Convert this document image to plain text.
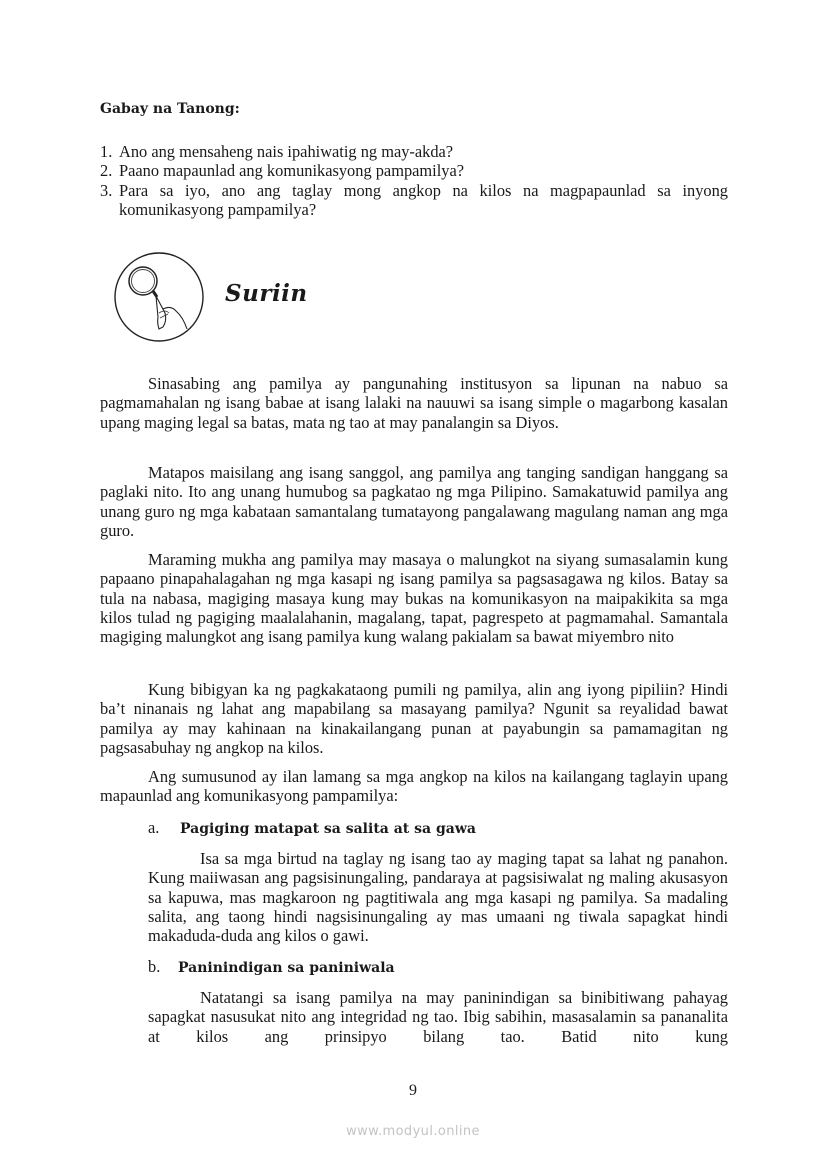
Gabay na Tanong:
1. Ano ang mensaheng nais ipahiwatig ng may-akda?
2. Paano mapaunlad ang komunikasyong pampamilya?
3. Para sa iyo, ano ang taglay mong angkop na kilos na magpapaunlad sa inyong komunikasyong pampamilya?
Suriin

Sinasabing ang pamilya ay pangunahing institusyon sa lipunan na nabuo sa pagmamahalan ng isang babae at isang lalaki na nauuwi sa isang simple o magarbong kasalan upang maging legal sa batas, mata ng tao at may panalangin sa Diyos.

Matapos maisilang ang isang sanggol, ang pamilya ang tanging sandigan hanggang sa paglaki nito. Ito ang unang humubog sa pagkatao ng mga Pilipino. Samakatuwid pamilya ang unang guro ng mga kabataan samantalang tumatayong pangalawang magulang naman ang mga guro.

Maraming mukha ang pamilya may masaya o malungkot na siyang sumasalamin kung papaano pinapahalagahan ng mga kasapi ng isang pamilya sa pagsasagawa ng kilos. Batay sa tula na nabasa, magiging masaya kung may bukas na komunikasyon na maipakikita sa mga kilos tulad ng pagiging maalalahanin, magalang, tapat, pagrespeto at pagmamahal. Samantala magiging malungkot ang isang pamilya kung walang pakialam sa bawat miyembro nito

Kung bibigyan ka ng pagkakataong pumili ng pamilya, alin ang iyong pipiliin? Hindi ba’t ninanais ng lahat ang mapabilang sa masayang pamilya? Ngunit sa reyalidad bawat pamilya ay may kahinaan na kinakailangang punan at payabungin sa pamamagitan ng pagsasabuhay ng angkop na kilos.

Ang sumusunod ay ilan lamang sa mga angkop na kilos na kailangang taglayin upang mapaunlad ang komunikasyong pampamilya:

a. Pagiging matapat sa salita at sa gawa

Isa sa mga birtud na taglay ng isang tao ay maging tapat sa lahat ng panahon. Kung maiiwasan ang pagsisinungaling, pandaraya at pagsisiwalat ng maling akusasyon sa kapuwa, mas magkaroon ng pagtitiwala ang mga kasapi ng pamilya. Sa madaling salita, ang taong hindi nagsisinungaling ay mas umaani ng tiwala sapagkat hindi makaduda-duda ang kilos o gawi.

b. Paninindigan sa paniniwala

Natatangi sa isang pamilya na may paninindigan sa binibitiwang pahayag sapagkat nasusukat nito ang integridad ng tao. Ibig sabihin, masasalamin sa pananalita at kilos ang prinsipyo bilang tao. Batid nito kung

9
www.modyul.online
